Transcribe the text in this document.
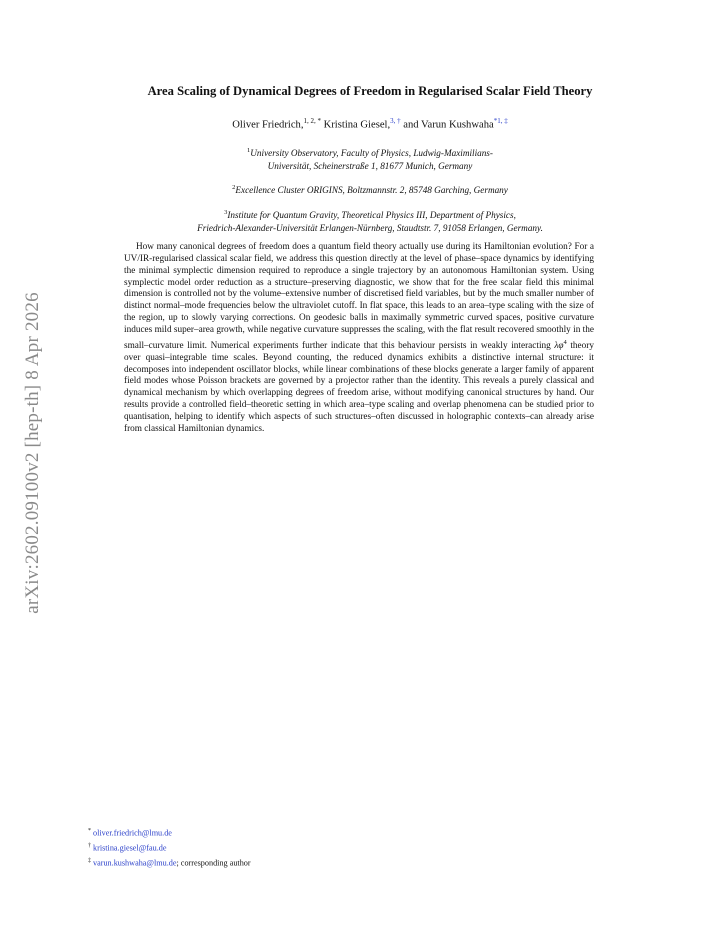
arXiv:2602.09100v2 [hep-th] 8 Apr 2026
Area Scaling of Dynamical Degrees of Freedom in Regularised Scalar Field Theory
Oliver Friedrich,$^{1, 2, *}$ Kristina Giesel,$^{3, \dagger}$ and Varun Kushwaha$^{*1, \ddagger}$
$^1$University Observatory, Faculty of Physics, Ludwig-Maximilians-
Universität, Scheinerstraße 1, 81677 Munich, Germany
$^2$Excellence Cluster ORIGINS, Boltzmannstr. 2, 85748 Garching, Germany
$^3$Institute for Quantum Gravity, Theoretical Physics III, Department of Physics,
Friedrich-Alexander-Universität Erlangen-Nürnberg, Staudtstr. 7, 91058 Erlangen, Germany.

How many canonical degrees of freedom does a quantum field theory actually use during its Hamiltonian evolution? For a UV/IR-regularised classical scalar field, we address this question directly at the level of phase–space dynamics by identifying the minimal symplectic dimension required to reproduce a single trajectory by an autonomous Hamiltonian system. Using symplectic model order reduction as a structure–preserving diagnostic, we show that for the free scalar field this minimal dimension is controlled not by the volume–extensive number of discretised field variables, but by the much smaller number of distinct normal–mode frequencies below the ultraviolet cutoff. In flat space, this leads to an area–type scaling with the size of the region, up to slowly varying corrections. On geodesic balls in maximally symmetric curved spaces, positive curvature induces mild super–area growth, while negative curvature suppresses the scaling, with the flat result recovered smoothly in the small–curvature limit. Numerical experiments further indicate that this behaviour persists in weakly interacting $\lambda\varphi^4$ theory over quasi–integrable time scales. Beyond counting, the reduced dynamics exhibits a distinctive internal structure: it decomposes into independent oscillator blocks, while linear combinations of these blocks generate a larger family of apparent field modes whose Poisson brackets are governed by a projector rather than the identity. This reveals a purely classical and dynamical mechanism by which overlapping degrees of freedom arise, without modifying canonical structures by hand. Our results provide a controlled field–theoretic setting in which area–type scaling and overlap phenomena can be studied prior to quantisation, helping to identify which aspects of such structures–often discussed in holographic contexts–can already arise from classical Hamiltonian dynamics.

* oliver.friedrich@lmu.de
† kristina.giesel@fau.de
‡ varun.kushwaha@lmu.de; corresponding author
